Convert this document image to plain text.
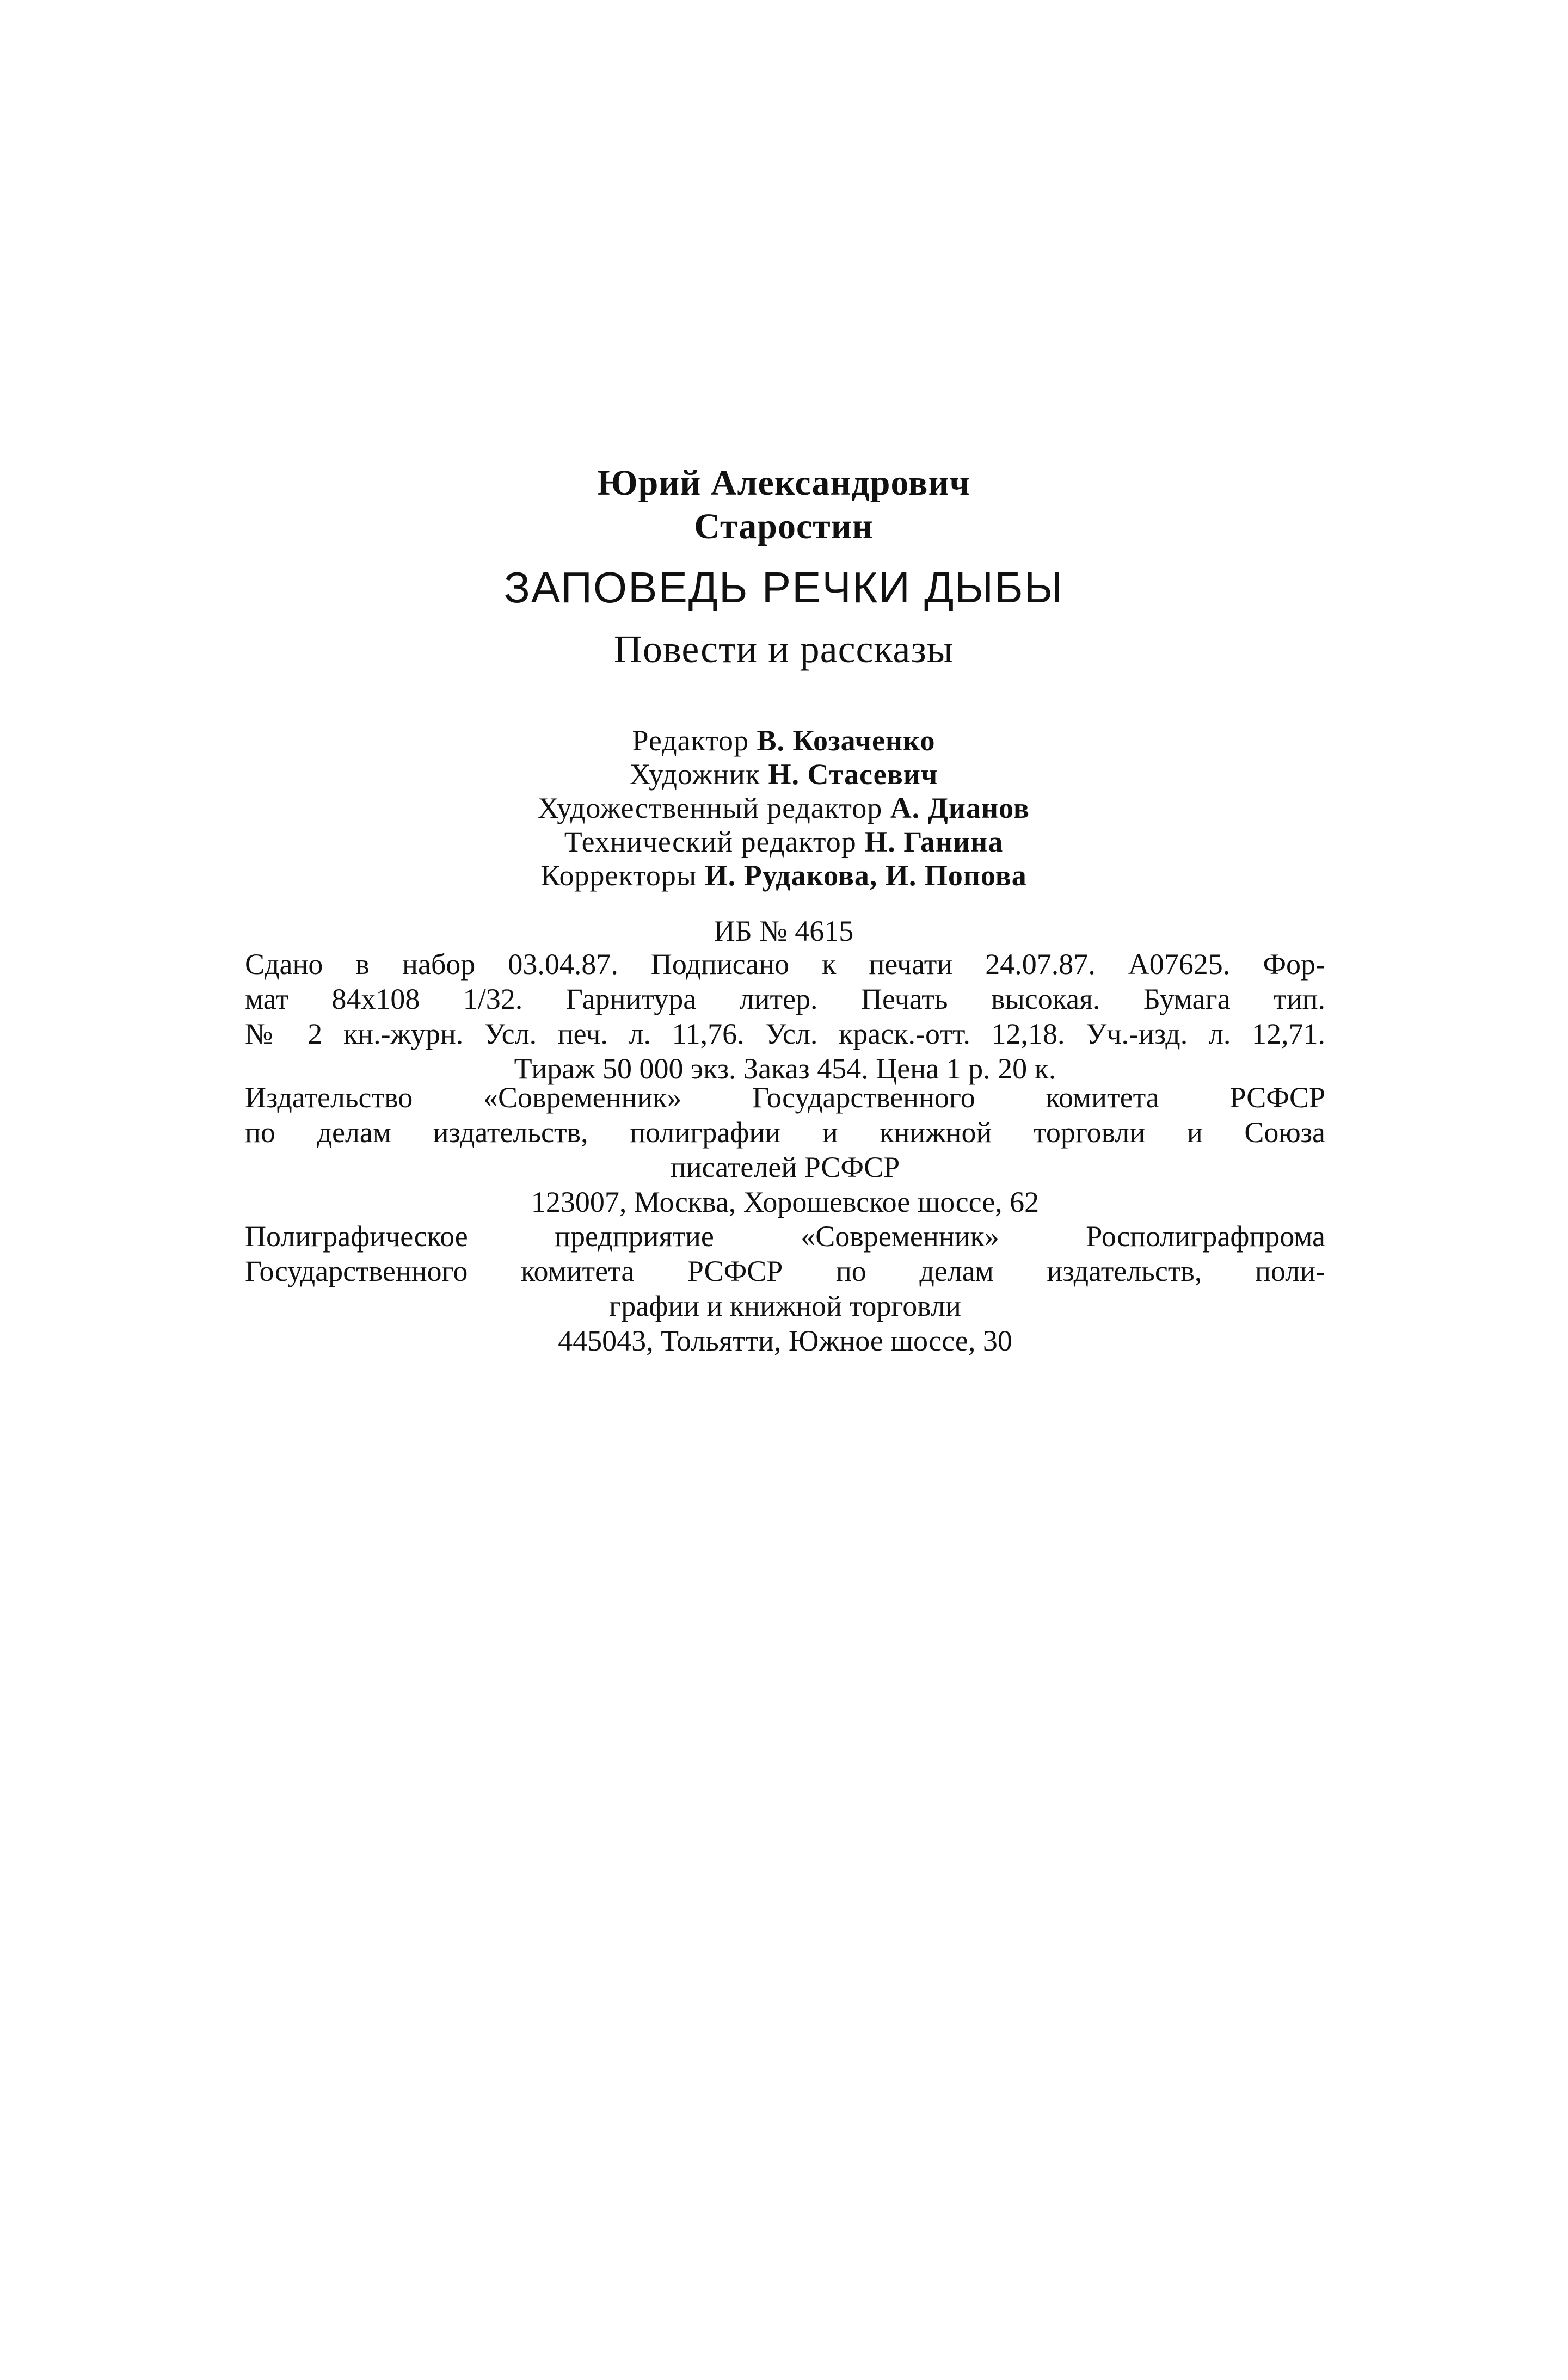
Юрий Александрович
Старостин
ЗАПОВЕДЬ РЕЧКИ ДЫБЫ
Повести и рассказы
Редактор В. Козаченко
Художник Н. Стасевич
Художественный редактор А. Дианов
Технический редактор Н. Ганина
Корректоры И. Рудакова, И. Попова
ИБ № 4615
Сдано в набор 03.04.87. Подписано к печати 24.07.87. А07625. Фор-
мат 84х108 1/32. Гарнитура литер. Печать высокая. Бумага тип.
№ 2 кн.-журн. Усл. печ. л. 11,76. Усл. краск.-отт. 12,18. Уч.-изд. л. 12,71.
Тираж 50 000 экз. Заказ 454. Цена 1 р. 20 к.
Издательство «Современник» Государственного комитета РСФСР
по делам издательств, полиграфии и книжной торговли и Союза
писателей РСФСР
123007, Москва, Хорошевское шоссе, 62
Полиграфическое предприятие «Современник» Росполиграфпрома
Государственного комитета РСФСР по делам издательств, поли-
графии и книжной торговли
445043, Тольятти, Южное шоссе, 30
